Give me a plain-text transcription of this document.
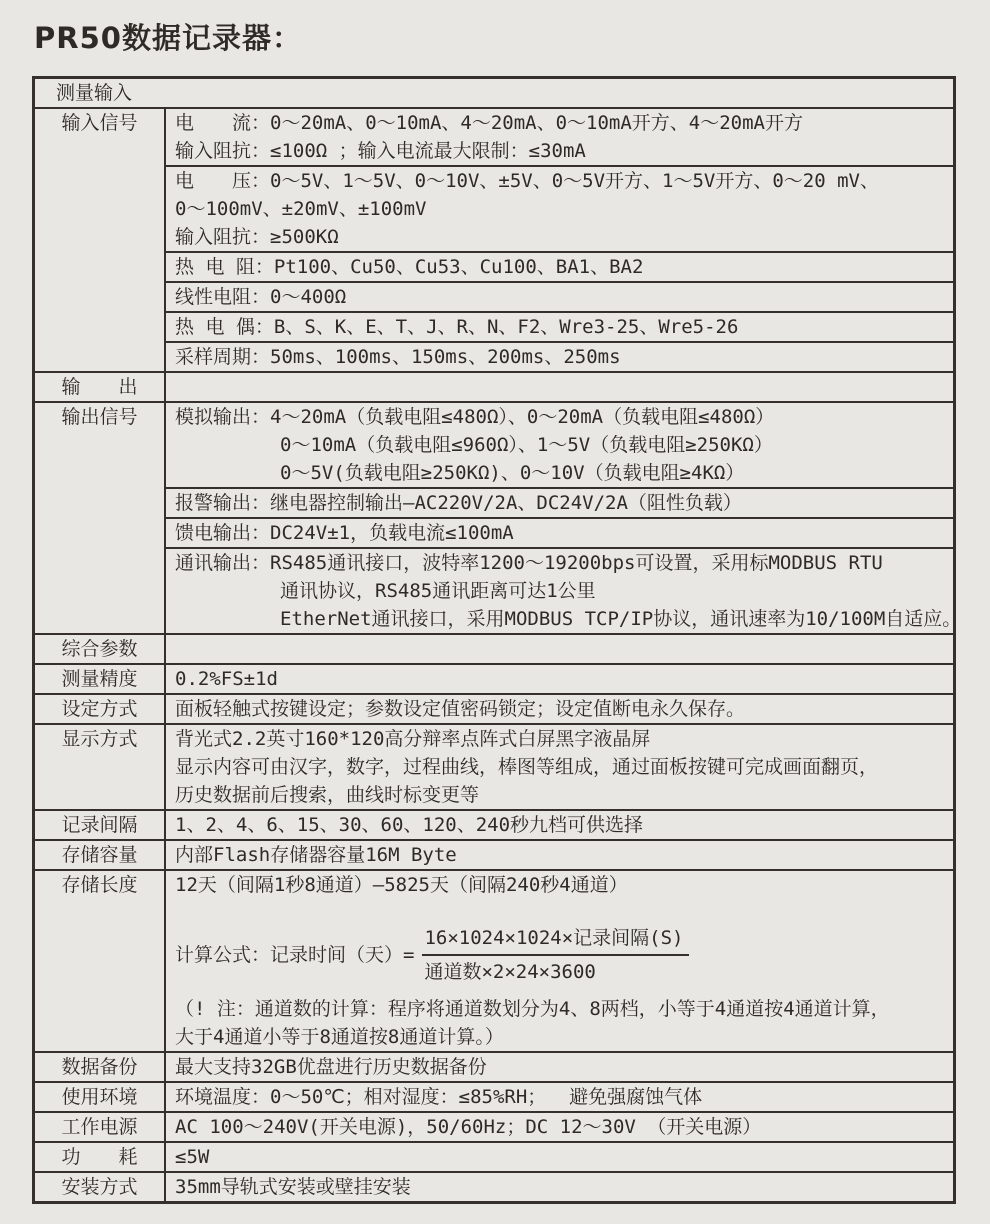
PR50数据记录器：
测量输入
输入信号 电　　流：0～20mA、0～10mA、4～20mA、0～10mA开方、4～20mA开方
输入阻抗：≤100Ω ；输入电流最大限制：≤30mA
电　　压：0～5V、1～5V、0～10V、±5V、0～5V开方、1～5V开方、0～20 mV、
0～100mV、±20mV、±100mV
输入阻抗：≥500KΩ
热 电 阻：Pt100、Cu50、Cu53、Cu100、BA1、BA2
线性电阻：0～400Ω
热 电 偶：B、S、K、E、T、J、R、N、F2、Wre3-25、Wre5-26
采样周期：50ms、100ms、150ms、200ms、250ms
输　　出
输出信号 模拟输出：4～20mA（负载电阻≤480Ω）、0～20mA（负载电阻≤480Ω）
0～10mA（负载电阻≤960Ω）、1～5V（负载电阻≥250KΩ）
0～5V(负载电阻≥250KΩ)、0～10V（负载电阻≥4KΩ）
报警输出：继电器控制输出—AC220V/2A、DC24V/2A（阻性负载）
馈电输出：DC24V±1，负载电流≤100mA
通讯输出：RS485通讯接口，波特率1200～19200bps可设置，采用标MODBUS RTU
通讯协议，RS485通讯距离可达1公里
EtherNet通讯接口，采用MODBUS TCP/IP协议，通讯速率为10/100M自适应。
综合参数
测量精度 0.2%FS±1d
设定方式 面板轻触式按键设定；参数设定值密码锁定；设定值断电永久保存。
显示方式 背光式2.2英寸160*120高分辩率点阵式白屏黑字液晶屏
显示内容可由汉字，数字，过程曲线，棒图等组成，通过面板按键可完成画面翻页，
历史数据前后搜索，曲线时标变更等
记录间隔 1、2、4、6、15、30、60、120、240秒九档可供选择
存储容量 内部Flash存储器容量16M Byte
存储长度 12天（间隔1秒8通道）—5825天（间隔240秒4通道）
计算公式：记录时间（天）= $\frac{\text{16×1024×1024×记录间隔(S)}}{\text{通道数×2×24×3600}}$
（! 注：通道数的计算：程序将通道数划分为4、8两档，小等于4通道按4通道计算，
大于4通道小等于8通道按8通道计算。）
数据备份 最大支持32GB优盘进行历史数据备份
使用环境 环境温度：0～50℃；相对湿度：≤85%RH；  避免强腐蚀气体
工作电源 AC 100～240V(开关电源)，50/60Hz；DC 12～30V （开关电源）
功　　耗 ≤5W
安装方式 35mm导轨式安装或壁挂安装
